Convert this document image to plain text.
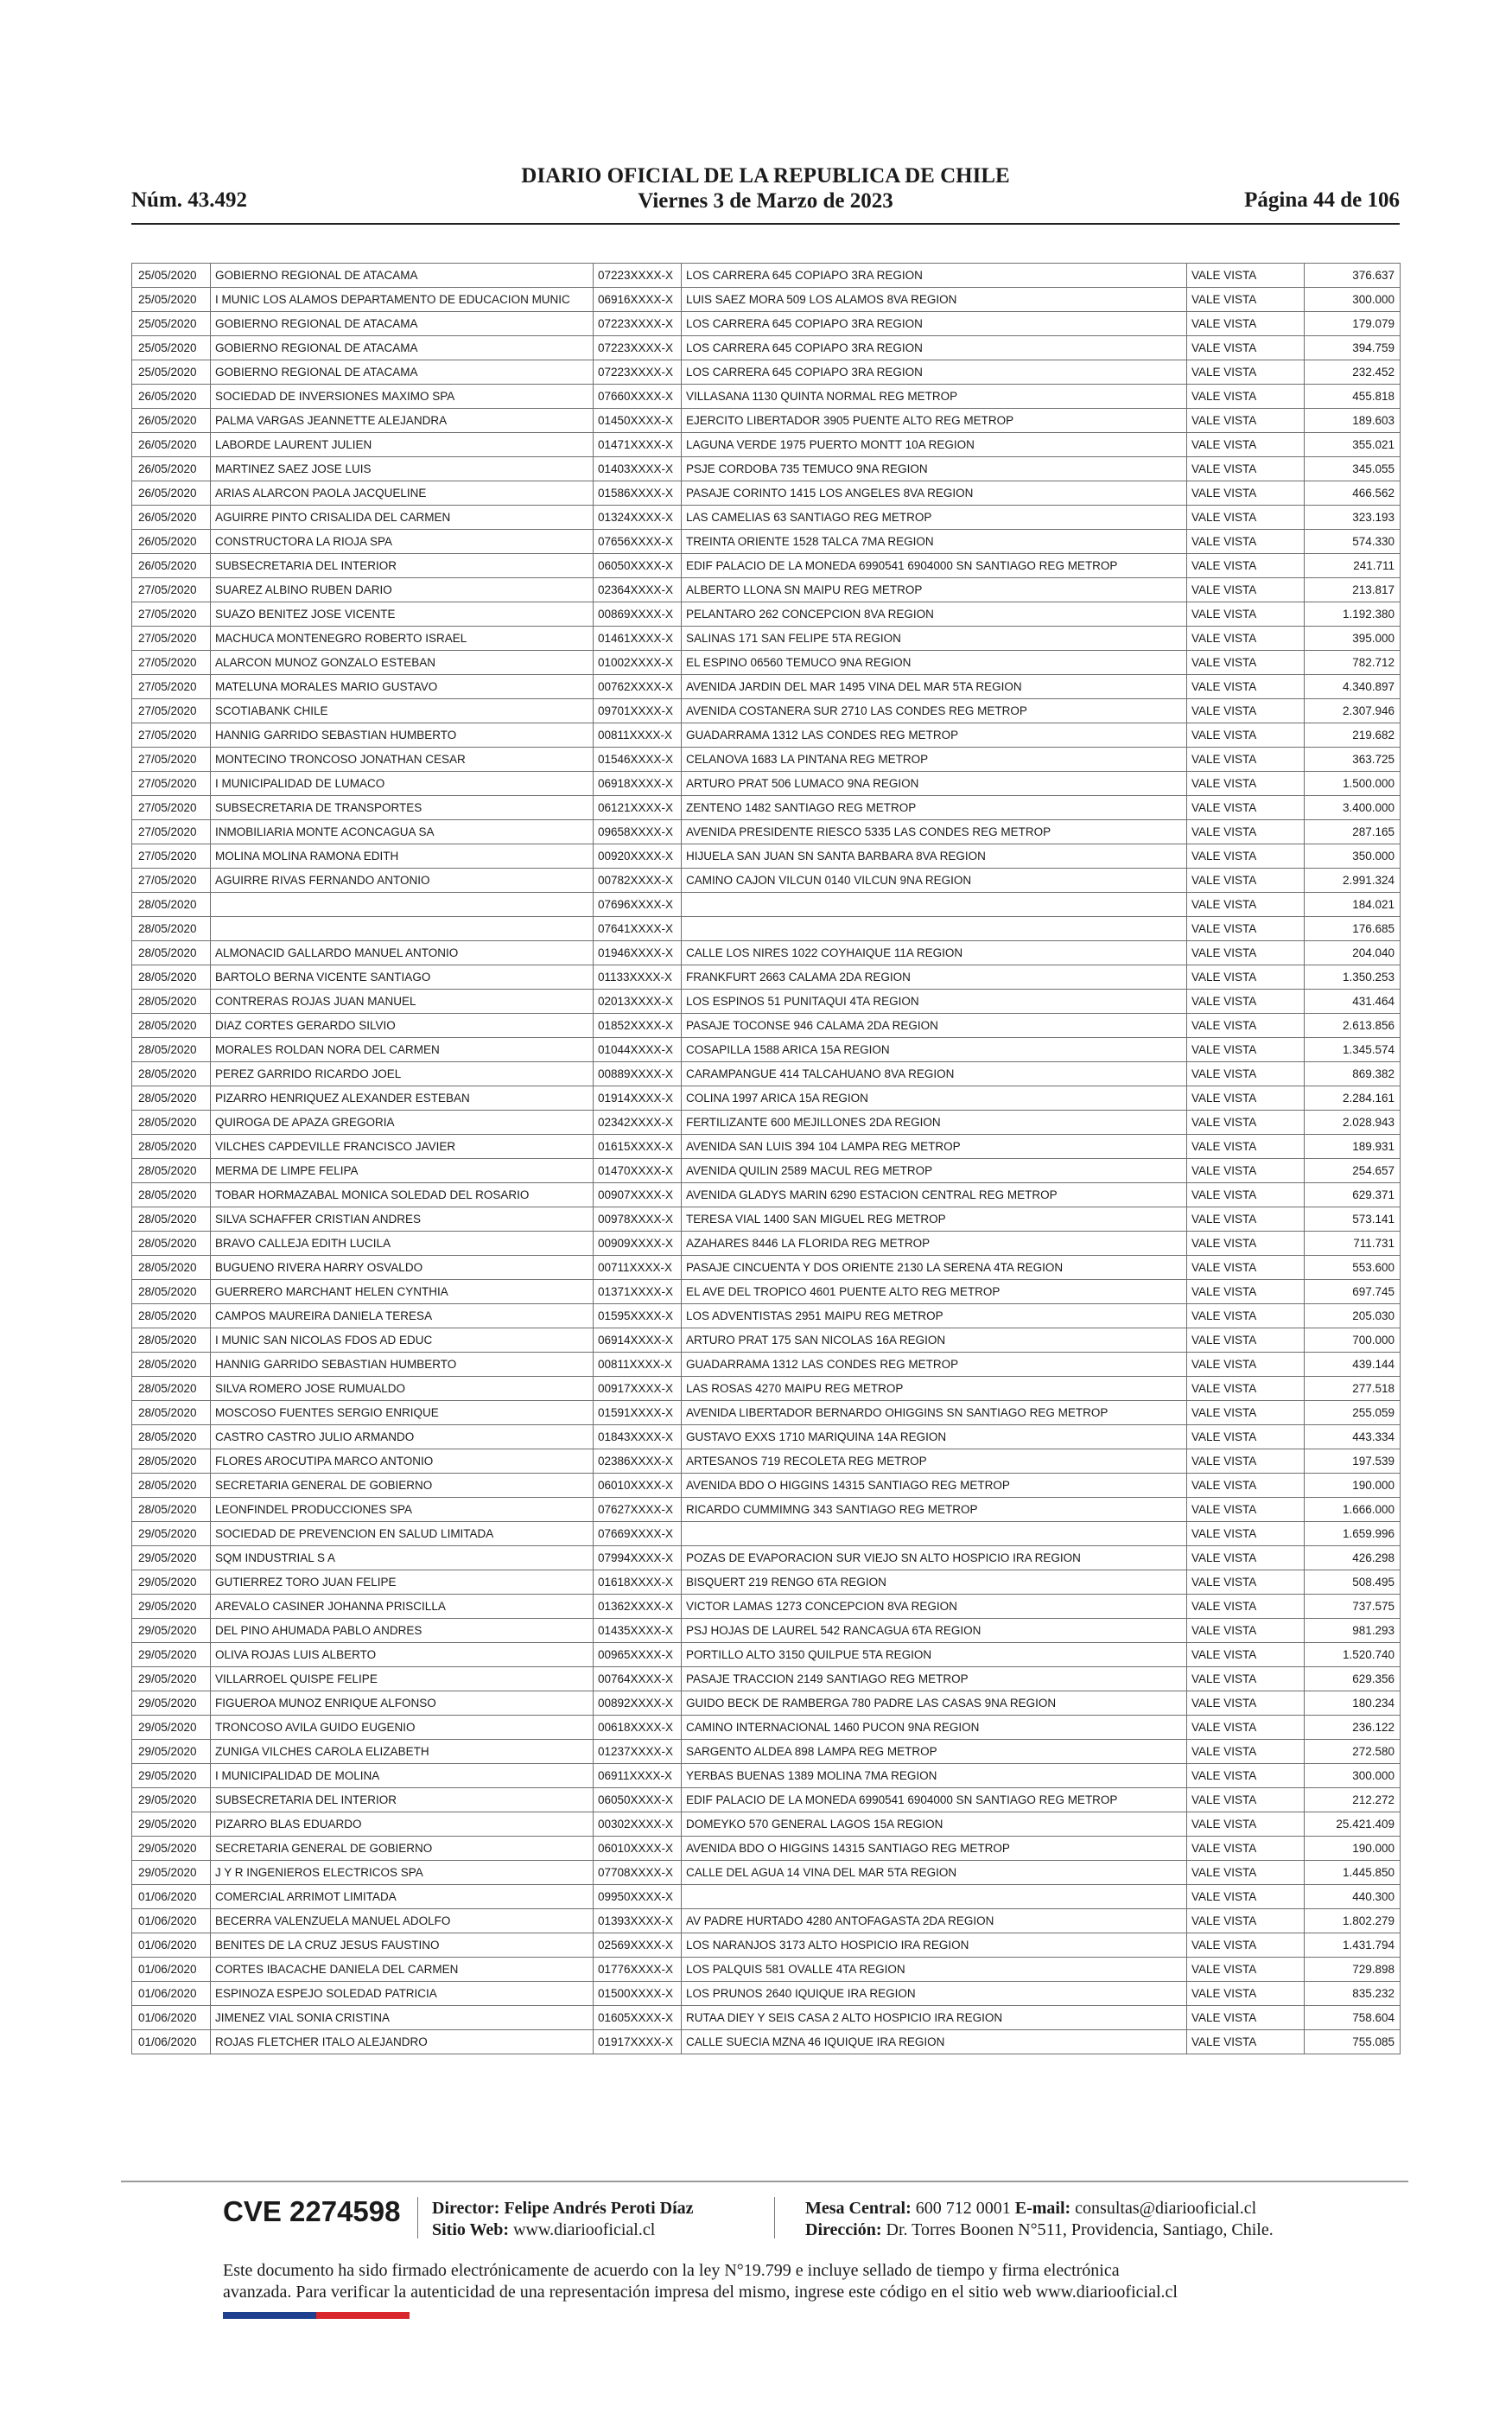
Núm. 43.492
DIARIO OFICIAL DE LA REPUBLICA DE CHILE
Viernes 3 de Marzo de 2023	Página 44 de 106
25/05/2020	GOBIERNO REGIONAL DE ATACAMA	07223XXXX-X	LOS CARRERA 645 COPIAPO 3RA REGION	VALE VISTA	376.637
25/05/2020	I MUNIC LOS ALAMOS DEPARTAMENTO DE EDUCACION MUNIC	06916XXXX-X	LUIS SAEZ MORA 509 LOS ALAMOS 8VA REGION	VALE VISTA	300.000
25/05/2020	GOBIERNO REGIONAL DE ATACAMA	07223XXXX-X	LOS CARRERA 645 COPIAPO 3RA REGION	VALE VISTA	179.079
25/05/2020	GOBIERNO REGIONAL DE ATACAMA	07223XXXX-X	LOS CARRERA 645 COPIAPO 3RA REGION	VALE VISTA	394.759
25/05/2020	GOBIERNO REGIONAL DE ATACAMA	07223XXXX-X	LOS CARRERA 645 COPIAPO 3RA REGION	VALE VISTA	232.452
26/05/2020	SOCIEDAD DE INVERSIONES MAXIMO SPA	07660XXXX-X	VILLASANA 1130 QUINTA NORMAL REG METROP	VALE VISTA	455.818
26/05/2020	PALMA VARGAS JEANNETTE ALEJANDRA	01450XXXX-X	EJERCITO LIBERTADOR 3905 PUENTE ALTO REG METROP	VALE VISTA	189.603
26/05/2020	LABORDE LAURENT JULIEN	01471XXXX-X	LAGUNA VERDE 1975 PUERTO MONTT 10A REGION	VALE VISTA	355.021
26/05/2020	MARTINEZ SAEZ JOSE LUIS	01403XXXX-X	PSJE CORDOBA 735 TEMUCO 9NA REGION	VALE VISTA	345.055
26/05/2020	ARIAS ALARCON PAOLA JACQUELINE	01586XXXX-X	PASAJE CORINTO 1415 LOS ANGELES 8VA REGION	VALE VISTA	466.562
26/05/2020	AGUIRRE PINTO CRISALIDA DEL CARMEN	01324XXXX-X	LAS CAMELIAS 63 SANTIAGO REG METROP	VALE VISTA	323.193
26/05/2020	CONSTRUCTORA LA RIOJA SPA	07656XXXX-X	TREINTA ORIENTE 1528 TALCA 7MA REGION	VALE VISTA	574.330
26/05/2020	SUBSECRETARIA DEL INTERIOR	06050XXXX-X	EDIF PALACIO DE LA MONEDA 6990541 6904000 SN SANTIAGO REG METROP	VALE VISTA	241.711
27/05/2020	SUAREZ ALBINO RUBEN DARIO	02364XXXX-X	ALBERTO LLONA SN MAIPU REG METROP	VALE VISTA	213.817
27/05/2020	SUAZO BENITEZ JOSE VICENTE	00869XXXX-X	PELANTARO 262 CONCEPCION 8VA REGION	VALE VISTA	1.192.380
27/05/2020	MACHUCA MONTENEGRO ROBERTO ISRAEL	01461XXXX-X	SALINAS 171 SAN FELIPE 5TA REGION	VALE VISTA	395.000
27/05/2020	ALARCON MUNOZ GONZALO ESTEBAN	01002XXXX-X	EL ESPINO 06560 TEMUCO 9NA REGION	VALE VISTA	782.712
27/05/2020	MATELUNA MORALES MARIO GUSTAVO	00762XXXX-X	AVENIDA JARDIN DEL MAR 1495 VINA DEL MAR 5TA REGION	VALE VISTA	4.340.897
27/05/2020	SCOTIABANK CHILE	09701XXXX-X	AVENIDA COSTANERA SUR 2710 LAS CONDES REG METROP	VALE VISTA	2.307.946
27/05/2020	HANNIG GARRIDO SEBASTIAN HUMBERTO	00811XXXX-X	GUADARRAMA 1312 LAS CONDES REG METROP	VALE VISTA	219.682
27/05/2020	MONTECINO TRONCOSO JONATHAN CESAR	01546XXXX-X	CELANOVA 1683 LA PINTANA REG METROP	VALE VISTA	363.725
27/05/2020	I MUNICIPALIDAD DE LUMACO	06918XXXX-X	ARTURO PRAT 506 LUMACO 9NA REGION	VALE VISTA	1.500.000
27/05/2020	SUBSECRETARIA DE TRANSPORTES	06121XXXX-X	ZENTENO 1482 SANTIAGO REG METROP	VALE VISTA	3.400.000
27/05/2020	INMOBILIARIA MONTE ACONCAGUA SA	09658XXXX-X	AVENIDA PRESIDENTE RIESCO 5335 LAS CONDES REG METROP	VALE VISTA	287.165
27/05/2020	MOLINA MOLINA RAMONA EDITH	00920XXXX-X	HIJUELA SAN JUAN SN SANTA BARBARA 8VA REGION	VALE VISTA	350.000
27/05/2020	AGUIRRE RIVAS FERNANDO ANTONIO	00782XXXX-X	CAMINO CAJON VILCUN 0140 VILCUN 9NA REGION	VALE VISTA	2.991.324
28/05/2020		07696XXXX-X		VALE VISTA	184.021
28/05/2020		07641XXXX-X		VALE VISTA	176.685
28/05/2020	ALMONACID GALLARDO MANUEL ANTONIO	01946XXXX-X	CALLE LOS NIRES 1022 COYHAIQUE 11A REGION	VALE VISTA	204.040
28/05/2020	BARTOLO BERNA VICENTE SANTIAGO	01133XXXX-X	FRANKFURT 2663 CALAMA 2DA REGION	VALE VISTA	1.350.253
28/05/2020	CONTRERAS ROJAS JUAN MANUEL	02013XXXX-X	LOS ESPINOS 51 PUNITAQUI 4TA REGION	VALE VISTA	431.464
28/05/2020	DIAZ CORTES GERARDO SILVIO	01852XXXX-X	PASAJE TOCONSE 946 CALAMA 2DA REGION	VALE VISTA	2.613.856
28/05/2020	MORALES ROLDAN NORA DEL CARMEN	01044XXXX-X	COSAPILLA 1588 ARICA 15A REGION	VALE VISTA	1.345.574
28/05/2020	PEREZ GARRIDO RICARDO JOEL	00889XXXX-X	CARAMPANGUE 414 TALCAHUANO 8VA REGION	VALE VISTA	869.382
28/05/2020	PIZARRO HENRIQUEZ ALEXANDER ESTEBAN	01914XXXX-X	COLINA 1997 ARICA 15A REGION	VALE VISTA	2.284.161
28/05/2020	QUIROGA DE APAZA GREGORIA	02342XXXX-X	FERTILIZANTE 600 MEJILLONES 2DA REGION	VALE VISTA	2.028.943
28/05/2020	VILCHES CAPDEVILLE FRANCISCO JAVIER	01615XXXX-X	AVENIDA SAN LUIS 394 104 LAMPA REG METROP	VALE VISTA	189.931
28/05/2020	MERMA DE LIMPE FELIPA	01470XXXX-X	AVENIDA QUILIN 2589 MACUL REG METROP	VALE VISTA	254.657
28/05/2020	TOBAR HORMAZABAL MONICA SOLEDAD DEL ROSARIO	00907XXXX-X	AVENIDA GLADYS MARIN 6290 ESTACION CENTRAL REG METROP	VALE VISTA	629.371
28/05/2020	SILVA SCHAFFER CRISTIAN ANDRES	00978XXXX-X	TERESA VIAL 1400 SAN MIGUEL REG METROP	VALE VISTA	573.141
28/05/2020	BRAVO CALLEJA EDITH LUCILA	00909XXXX-X	AZAHARES 8446 LA FLORIDA REG METROP	VALE VISTA	711.731
28/05/2020	BUGUENO RIVERA HARRY OSVALDO	00711XXXX-X	PASAJE CINCUENTA Y DOS ORIENTE 2130 LA SERENA 4TA REGION	VALE VISTA	553.600
28/05/2020	GUERRERO MARCHANT HELEN CYNTHIA	01371XXXX-X	EL AVE DEL TROPICO 4601 PUENTE ALTO REG METROP	VALE VISTA	697.745
28/05/2020	CAMPOS MAUREIRA DANIELA TERESA	01595XXXX-X	LOS ADVENTISTAS 2951 MAIPU REG METROP	VALE VISTA	205.030
28/05/2020	I MUNIC SAN NICOLAS FDOS AD EDUC	06914XXXX-X	ARTURO PRAT 175 SAN NICOLAS 16A REGION	VALE VISTA	700.000
28/05/2020	HANNIG GARRIDO SEBASTIAN HUMBERTO	00811XXXX-X	GUADARRAMA 1312 LAS CONDES REG METROP	VALE VISTA	439.144
28/05/2020	SILVA ROMERO JOSE RUMUALDO	00917XXXX-X	LAS ROSAS 4270 MAIPU REG METROP	VALE VISTA	277.518
28/05/2020	MOSCOSO FUENTES SERGIO ENRIQUE	01591XXXX-X	AVENIDA LIBERTADOR BERNARDO OHIGGINS SN SANTIAGO REG METROP	VALE VISTA	255.059
28/05/2020	CASTRO CASTRO JULIO ARMANDO	01843XXXX-X	GUSTAVO EXXS 1710 MARIQUINA 14A REGION	VALE VISTA	443.334
28/05/2020	FLORES AROCUTIPA MARCO ANTONIO	02386XXXX-X	ARTESANOS 719 RECOLETA REG METROP	VALE VISTA	197.539
28/05/2020	SECRETARIA GENERAL DE GOBIERNO	06010XXXX-X	AVENIDA BDO O HIGGINS 14315 SANTIAGO REG METROP	VALE VISTA	190.000
28/05/2020	LEONFINDEL PRODUCCIONES SPA	07627XXXX-X	RICARDO CUMMIMNG 343 SANTIAGO REG METROP	VALE VISTA	1.666.000
29/05/2020	SOCIEDAD DE PREVENCION EN SALUD LIMITADA	07669XXXX-X		VALE VISTA	1.659.996
29/05/2020	SQM INDUSTRIAL S A	07994XXXX-X	POZAS DE EVAPORACION SUR VIEJO SN ALTO HOSPICIO IRA REGION	VALE VISTA	426.298
29/05/2020	GUTIERREZ TORO JUAN FELIPE	01618XXXX-X	BISQUERT 219 RENGO 6TA REGION	VALE VISTA	508.495
29/05/2020	AREVALO CASINER JOHANNA PRISCILLA	01362XXXX-X	VICTOR LAMAS 1273 CONCEPCION 8VA REGION	VALE VISTA	737.575
29/05/2020	DEL PINO AHUMADA PABLO ANDRES	01435XXXX-X	PSJ HOJAS DE LAUREL 542 RANCAGUA 6TA REGION	VALE VISTA	981.293
29/05/2020	OLIVA ROJAS LUIS ALBERTO	00965XXXX-X	PORTILLO ALTO 3150 QUILPUE 5TA REGION	VALE VISTA	1.520.740
29/05/2020	VILLARROEL QUISPE FELIPE	00764XXXX-X	PASAJE TRACCION 2149 SANTIAGO REG METROP	VALE VISTA	629.356
29/05/2020	FIGUEROA MUNOZ ENRIQUE ALFONSO	00892XXXX-X	GUIDO BECK DE RAMBERGA 780 PADRE LAS CASAS 9NA REGION	VALE VISTA	180.234
29/05/2020	TRONCOSO AVILA GUIDO EUGENIO	00618XXXX-X	CAMINO INTERNACIONAL 1460 PUCON 9NA REGION	VALE VISTA	236.122
29/05/2020	ZUNIGA VILCHES CAROLA ELIZABETH	01237XXXX-X	SARGENTO ALDEA 898 LAMPA REG METROP	VALE VISTA	272.580
29/05/2020	I MUNICIPALIDAD DE MOLINA	06911XXXX-X	YERBAS BUENAS 1389 MOLINA 7MA REGION	VALE VISTA	300.000
29/05/2020	SUBSECRETARIA DEL INTERIOR	06050XXXX-X	EDIF PALACIO DE LA MONEDA 6990541 6904000 SN SANTIAGO REG METROP	VALE VISTA	212.272
29/05/2020	PIZARRO BLAS EDUARDO	00302XXXX-X	DOMEYKO 570 GENERAL LAGOS 15A REGION	VALE VISTA	25.421.409
29/05/2020	SECRETARIA GENERAL DE GOBIERNO	06010XXXX-X	AVENIDA BDO O HIGGINS 14315 SANTIAGO REG METROP	VALE VISTA	190.000
29/05/2020	J Y R INGENIEROS ELECTRICOS SPA	07708XXXX-X	CALLE DEL AGUA 14 VINA DEL MAR 5TA REGION	VALE VISTA	1.445.850
01/06/2020	COMERCIAL ARRIMOT LIMITADA	09950XXXX-X		VALE VISTA	440.300
01/06/2020	BECERRA VALENZUELA MANUEL ADOLFO	01393XXXX-X	AV PADRE HURTADO 4280 ANTOFAGASTA 2DA REGION	VALE VISTA	1.802.279
01/06/2020	BENITES DE LA CRUZ JESUS FAUSTINO	02569XXXX-X	LOS NARANJOS 3173 ALTO HOSPICIO IRA REGION	VALE VISTA	1.431.794
01/06/2020	CORTES IBACACHE DANIELA DEL CARMEN	01776XXXX-X	LOS PALQUIS 581 OVALLE 4TA REGION	VALE VISTA	729.898
01/06/2020	ESPINOZA ESPEJO SOLEDAD PATRICIA	01500XXXX-X	LOS PRUNOS 2640 IQUIQUE IRA REGION	VALE VISTA	835.232
01/06/2020	JIMENEZ VIAL SONIA CRISTINA	01605XXXX-X	RUTAA DIEY Y SEIS CASA 2 ALTO HOSPICIO IRA REGION	VALE VISTA	758.604
01/06/2020	ROJAS FLETCHER ITALO ALEJANDRO	01917XXXX-X	CALLE SUECIA MZNA 46 IQUIQUE IRA REGION	VALE VISTA	755.085
CVE 2274598 Director: Felipe Andrés Peroti Díaz
Sitio Web: www.diariooficial.cl
Mesa Central: 600 712 0001 E-mail: consultas@diariooficial.cl
Dirección: Dr. Torres Boonen N°511, Providencia, Santiago, Chile.
Este documento ha sido firmado electrónicamente de acuerdo con la ley N°19.799 e incluye sellado de tiempo y firma electrónica
avanzada. Para verificar la autenticidad de una representación impresa del mismo, ingrese este código en el sitio web www.diariooficial.cl
